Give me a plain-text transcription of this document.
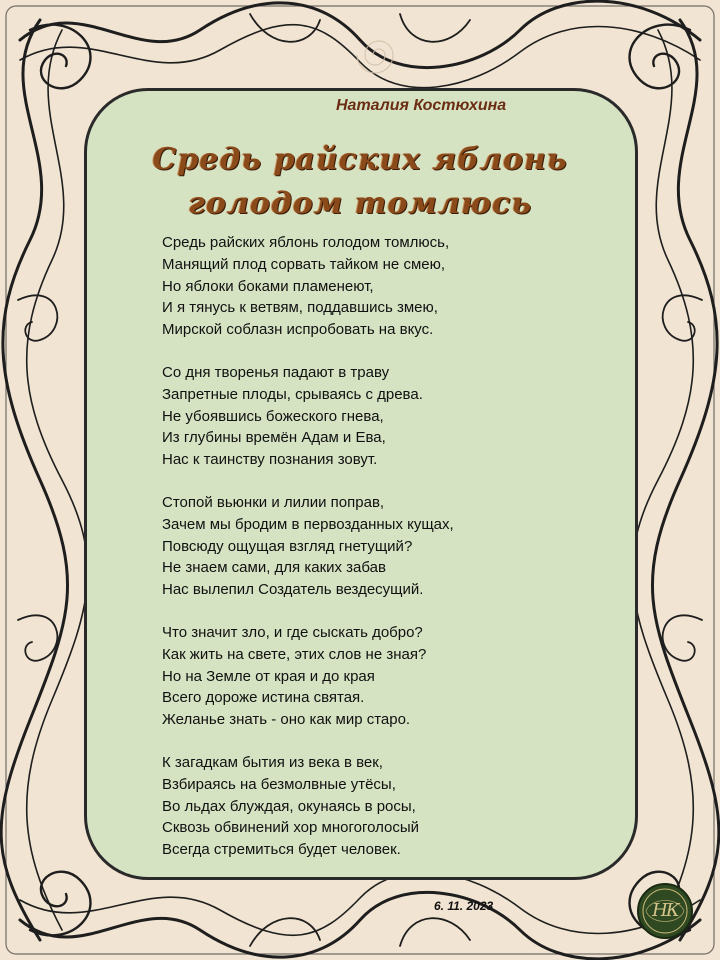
Наталия Костюхина
Средь райских яблонь
голодом томлюсь
Средь райских яблонь голодом томлюсь,
Манящий плод сорвать тайком не смею,
Но яблоки боками пламенеют,
И я тянусь к ветвям, поддавшись змею,
Мирской соблазн испробовать на вкус.
Со дня творенья падают в траву
Запретные плоды, срываясь с древа.
Не убоявшись божеского гнева,
Из глубины времён Адам и Ева,
Нас к таинству познания зовут.
Стопой вьюнки и лилии поправ,
Зачем мы бродим в первозданных кущах,
Повсюду ощущая взгляд гнетущий?
Не знаем сами, для каких забав
Нас вылепил Создатель вездесущий.
Что значит зло, и где сыскать добро?
Как жить на свете, этих слов не зная?
Но на Земле от края и до края
Всего дороже истина святая.
Желанье знать - оно как мир старо.
К загадкам бытия из века в век,
Взбираясь на безмолвные утёсы,
Во льдах блуждая, окунаясь в росы,
Сквозь обвинений хор многоголосый
Всегда стремиться будет человек.
6. 11. 2023	НК
